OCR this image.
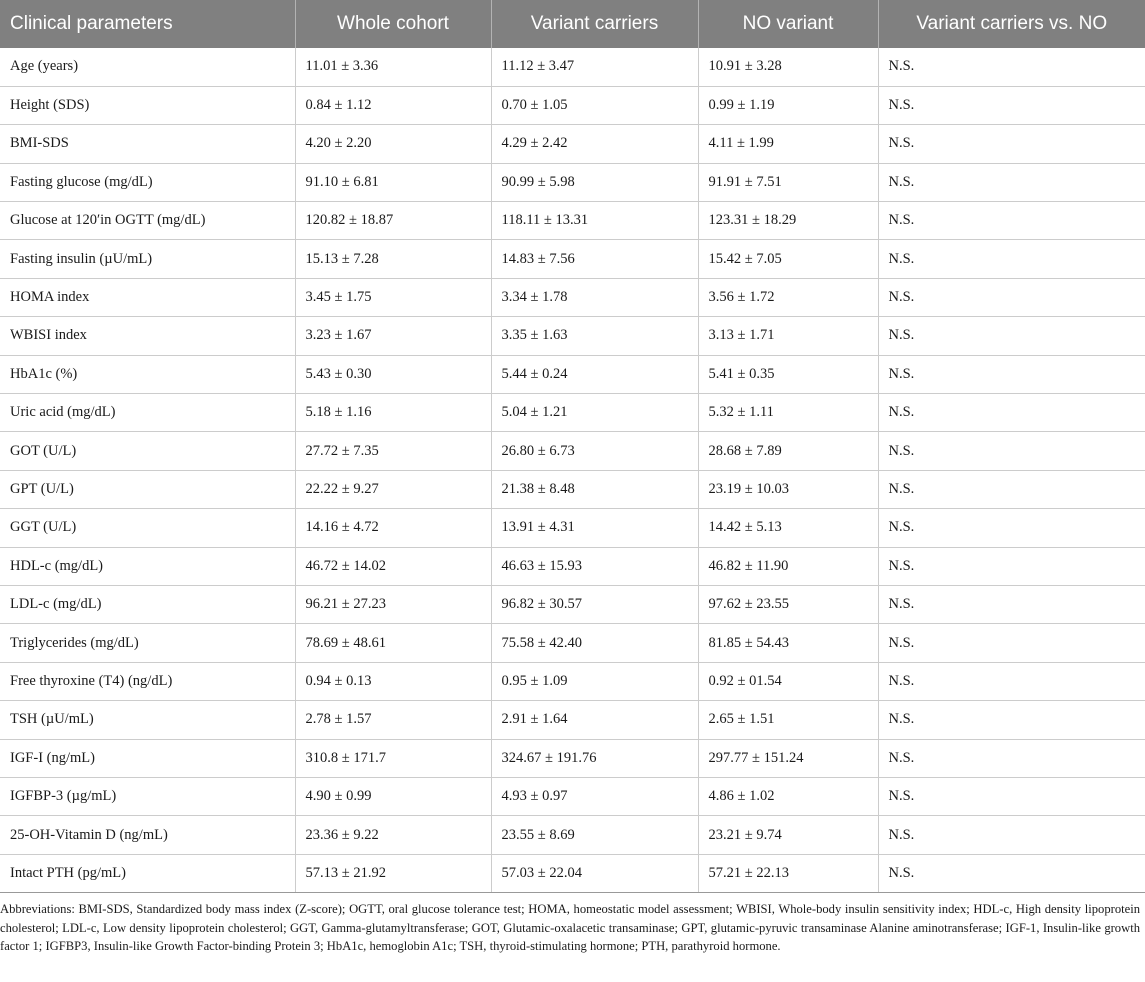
Clinical parameters	Whole cohort	Variant carriers	NO variant	Variant carriers vs. NO
Age (years)	11.01 ± 3.36	11.12 ± 3.47	10.91 ± 3.28	N.S.
Height (SDS)	0.84 ± 1.12	0.70 ± 1.05	0.99 ± 1.19	N.S.
BMI-SDS	4.20 ± 2.20	4.29 ± 2.42	4.11 ± 1.99	N.S.
Fasting glucose (mg/dL)	91.10 ± 6.81	90.99 ± 5.98	91.91 ± 7.51	N.S.
Glucose at 120′in OGTT (mg/dL)	120.82 ± 18.87	118.11 ± 13.31	123.31 ± 18.29	N.S.
Fasting insulin (µU/mL)	15.13 ± 7.28	14.83 ± 7.56	15.42 ± 7.05	N.S.
HOMA index	3.45 ± 1.75	3.34 ± 1.78	3.56 ± 1.72	N.S.
WBISI index	3.23 ± 1.67	3.35 ± 1.63	3.13 ± 1.71	N.S.
HbA1c (%)	5.43 ± 0.30	5.44 ± 0.24	5.41 ± 0.35	N.S.
Uric acid (mg/dL)	5.18 ± 1.16	5.04 ± 1.21	5.32 ± 1.11	N.S.
GOT (U/L)	27.72 ± 7.35	26.80 ± 6.73	28.68 ± 7.89	N.S.
GPT (U/L)	22.22 ± 9.27	21.38 ± 8.48	23.19 ± 10.03	N.S.
GGT (U/L)	14.16 ± 4.72	13.91 ± 4.31	14.42 ± 5.13	N.S.
HDL-c (mg/dL)	46.72 ± 14.02	46.63 ± 15.93	46.82 ± 11.90	N.S.
LDL-c (mg/dL)	96.21 ± 27.23	96.82 ± 30.57	97.62 ± 23.55	N.S.
Triglycerides (mg/dL)	78.69 ± 48.61	75.58 ± 42.40	81.85 ± 54.43	N.S.
Free thyroxine (T4) (ng/dL)	0.94 ± 0.13	0.95 ± 1.09	0.92 ± 01.54	N.S.
TSH (µU/mL)	2.78 ± 1.57	2.91 ± 1.64	2.65 ± 1.51	N.S.
IGF-I (ng/mL)	310.8 ± 171.7	324.67 ± 191.76	297.77 ± 151.24	N.S.
IGFBP-3 (µg/mL)	4.90 ± 0.99	4.93 ± 0.97	4.86 ± 1.02	N.S.
25-OH-Vitamin D (ng/mL)	23.36 ± 9.22	23.55 ± 8.69	23.21 ± 9.74	N.S.
Intact PTH (pg/mL)	57.13 ± 21.92	57.03 ± 22.04	57.21 ± 22.13	N.S.

Abbreviations: BMI-SDS, Standardized body mass index (Z-score); OGTT, oral glucose tolerance test; HOMA, homeostatic model assessment; WBISI, Whole-body insulin sensitivity index; HDL-c, High density lipoprotein cholesterol; LDL-c, Low density lipoprotein cholesterol; GGT, Gamma-glutamyltransferase; GOT, Glutamic-oxalacetic transaminase; GPT, glutamic-pyruvic transaminase Alanine aminotransferase; IGF-1, Insulin-like growth factor 1; IGFBP3, Insulin-like Growth Factor-binding Protein 3; HbA1c, hemoglobin A1c; TSH, thyroid-stimulating hormone; PTH, parathyroid hormone.
